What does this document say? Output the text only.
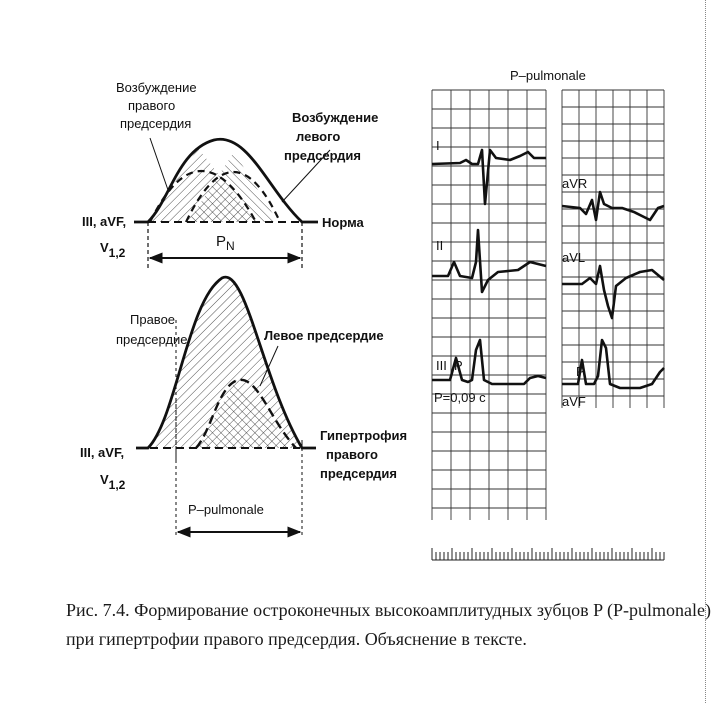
Возбуждение
правого
предсердия	Возбуждение
левого
предсердия
III, aVF,
V1,2
Норма
PN
Правое
предсердие	Левое предсердие
III, aVF,
V1,2
Гипертрофия
правого
предсердия
P–pulmonale
P–pulmonale
I
II
III P
aVR
aVL
aVF
P
P=0,09 c
Рис. 7.4. Формирование остроконечных высокоамплитудных зубцов P (P-pulmonale) при гипертрофии правого предсердия. Объяснение в тексте.
